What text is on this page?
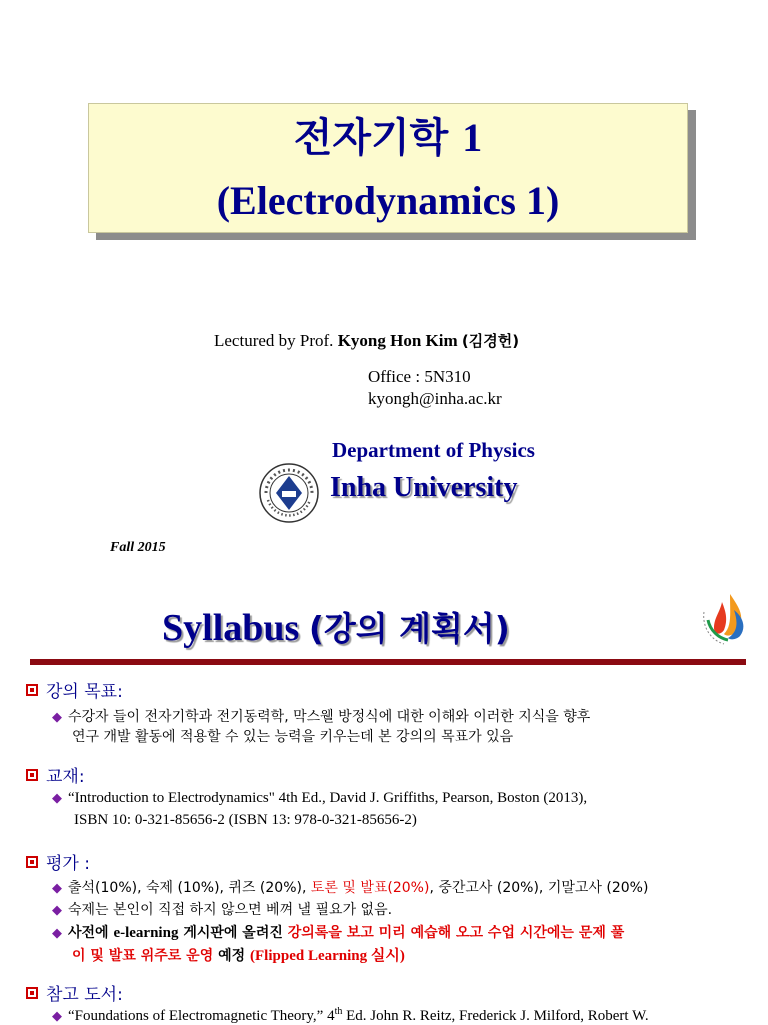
전자기학 1
(Electrodynamics 1)
Lectured by Prof. Kyong Hon Kim (김경헌)
Office : 5N310
kyongh@inha.ac.kr
Department of Physics
Inha University
Fall 2015
Syllabus (강의 계획서)
강의 목표:
◆ 수강자 들이 전자기학과 전기동력학, 막스웰 방정식에 대한 이해와 이러한 지식을 향후
연구 개발 활동에 적용할 수 있는 능력을 키우는데 본 강의의 목표가 있음
교재:
◆ “Introduction to Electrodynamics" 4th Ed., David J. Griffiths, Pearson, Boston (2013),
ISBN 10: 0-321-85656-2 (ISBN 13: 978-0-321-85656-2)
평가 :
◆ 출석(10%), 숙제 (10%), 퀴즈 (20%), 토론 및 발표(20%), 중간고사 (20%), 기말고사 (20%)
◆ 숙제는 본인이 직접 하지 않으면 베껴 낼 필요가 없음.
◆ 사전에 e-learning 게시판에 올려진 강의록을 보고 미리 예습해 오고 수업 시간에는 문제 풀
이 및 발표 위주로 운영 예정 (Flipped Learning 실시)
참고 도서:
◆ “Foundations of Electromagnetic Theory,” 4th Ed. John R. Reitz, Frederick J. Milford, Robert W.
